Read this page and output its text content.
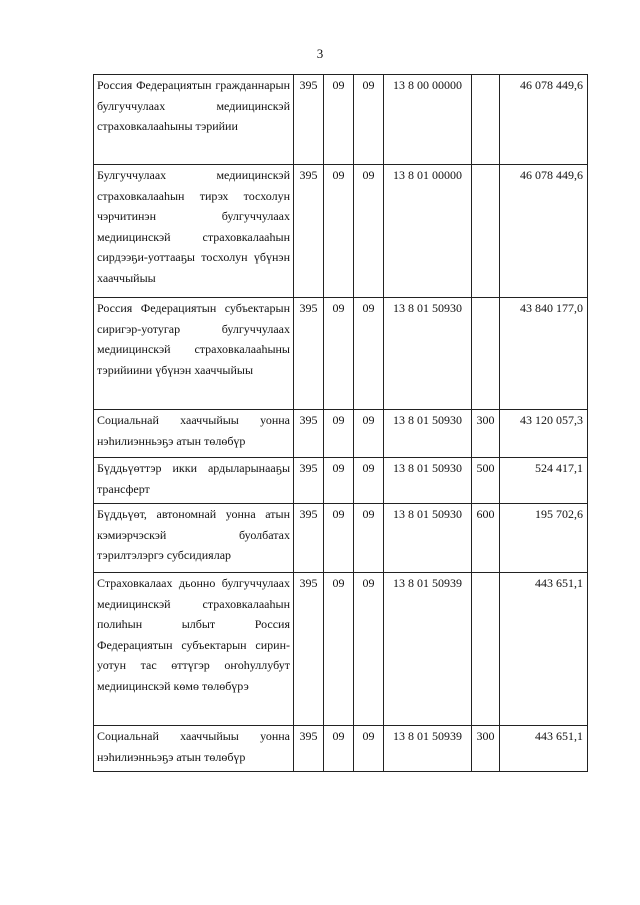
3
Россия Федерациятын гражданнарын булгуччулаах медиицинскэй страховкалааһыны тэрийии	395	09	09	13 8 00 00000		46 078 449,6
Булгуччулаах медиицинскэй страховкалааһын тирэх тосхолун чэрчитинэн булгуччулаах медиицинскэй страховкалааһын сирдээҕи-уоттааҕы тосхолун үбүнэн хааччыйыы	395	09	09	13 8 01 00000		46 078 449,6
Россия Федерациятын субъектарын сиригэр-уотугар булгуччулаах медиицинскэй страховкалааһыны тэрийиини үбүнэн хааччыйыы	395	09	09	13 8 01 50930		43 840 177,0
Социальнай хааччыйыы уонна нэһилиэнньэҕэ атын төлөбүр	395	09	09	13 8 01 50930	300	43 120 057,3
Бүддьүөттэр икки ардыларынааҕы трансферт	395	09	09	13 8 01 50930	500	524 417,1
Бүддьүөт, автономнай уонна атын кэмиэрчэскэй буолбатах тэрилтэлэргэ субсидиялар	395	09	09	13 8 01 50930	600	195 702,6
Страховкалаах дьонно булгуччулаах медиицинскэй страховкалааһын полиһын ылбыт Россия Федерациятын субъектарын сирин-уотун тас өттүгэр оҥоһуллубут медиицинскэй көмө төлөбүрэ	395	09	09	13 8 01 50939		443 651,1
Социальнай хааччыйыы уонна нэһилиэнньэҕэ атын төлөбүр	395	09	09	13 8 01 50939	300	443 651,1
